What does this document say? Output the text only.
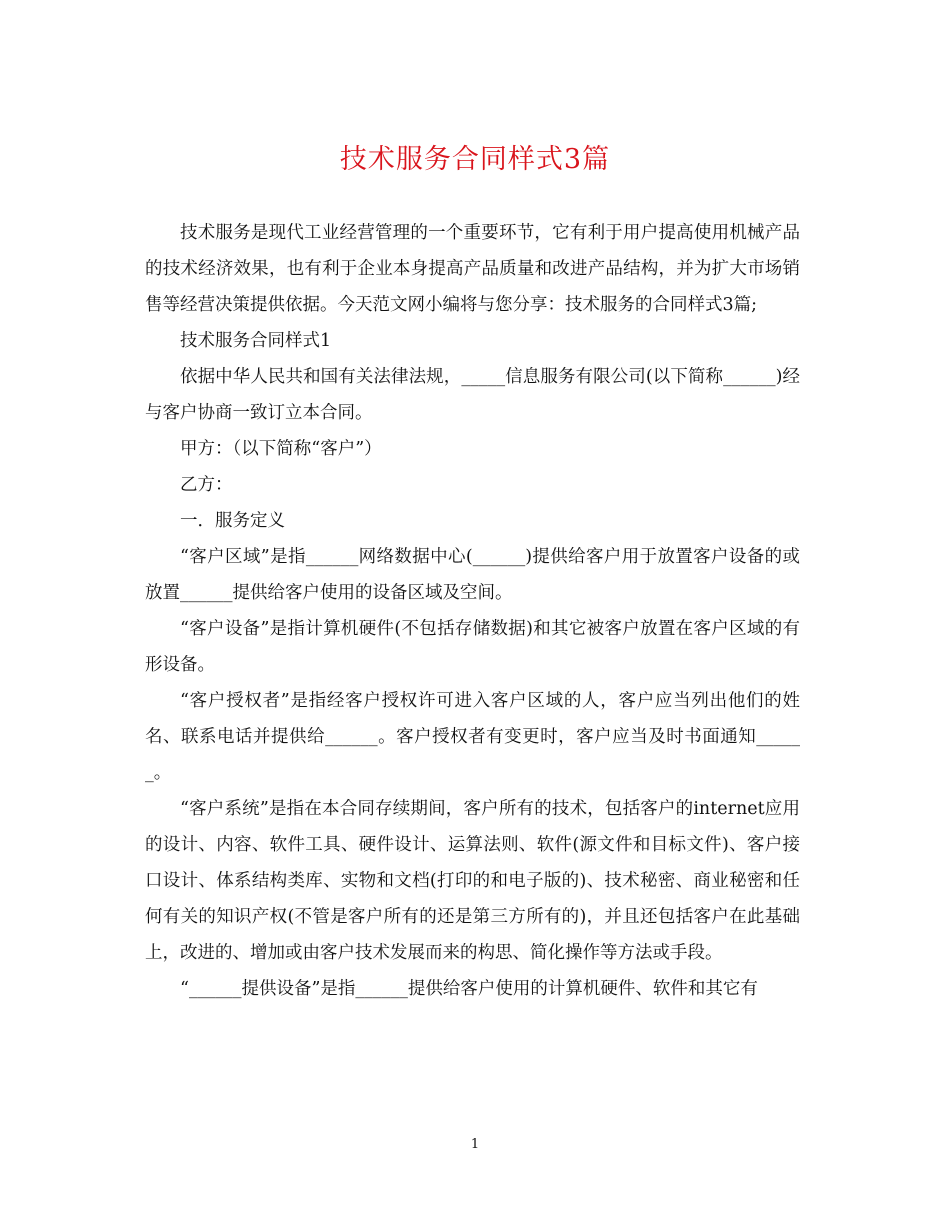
技术服务合同样式3篇

技术服务是现代工业经营管理的一个重要环节，它有利于用户提高使用机械产品的技术经济效果，也有利于企业本身提高产品质量和改进产品结构，并为扩大市场销售等经营决策提供依据。今天范文网小编将与您分享：技术服务的合同样式3篇;

技术服务合同样式1

依据中华人民共和国有关法律法规，_____信息服务有限公司(以下简称______)经与客户协商一致订立本合同。

甲方：（以下简称“客户”）

乙方：

一．服务定义

“客户区域”是指______网络数据中心(______)提供给客户用于放置客户设备的或放置______提供给客户使用的设备区域及空间。

“客户设备”是指计算机硬件(不包括存储数据)和其它被客户放置在客户区域的有形设备。

“客户授权者”是指经客户授权许可进入客户区域的人，客户应当列出他们的姓名、联系电话并提供给______。客户授权者有变更时，客户应当及时书面通知______。

“客户系统”是指在本合同存续期间，客户所有的技术，包括客户的internet应用的设计、内容、软件工具、硬件设计、运算法则、软件(源文件和目标文件)、客户接口设计、体系结构类库、实物和文档(打印的和电子版的)、技术秘密、商业秘密和任何有关的知识产权(不管是客户所有的还是第三方所有的)，并且还包括客户在此基础上，改进的、增加或由客户技术发展而来的构思、简化操作等方法或手段。

“______提供设备”是指______提供给客户使用的计算机硬件、软件和其它有

1
